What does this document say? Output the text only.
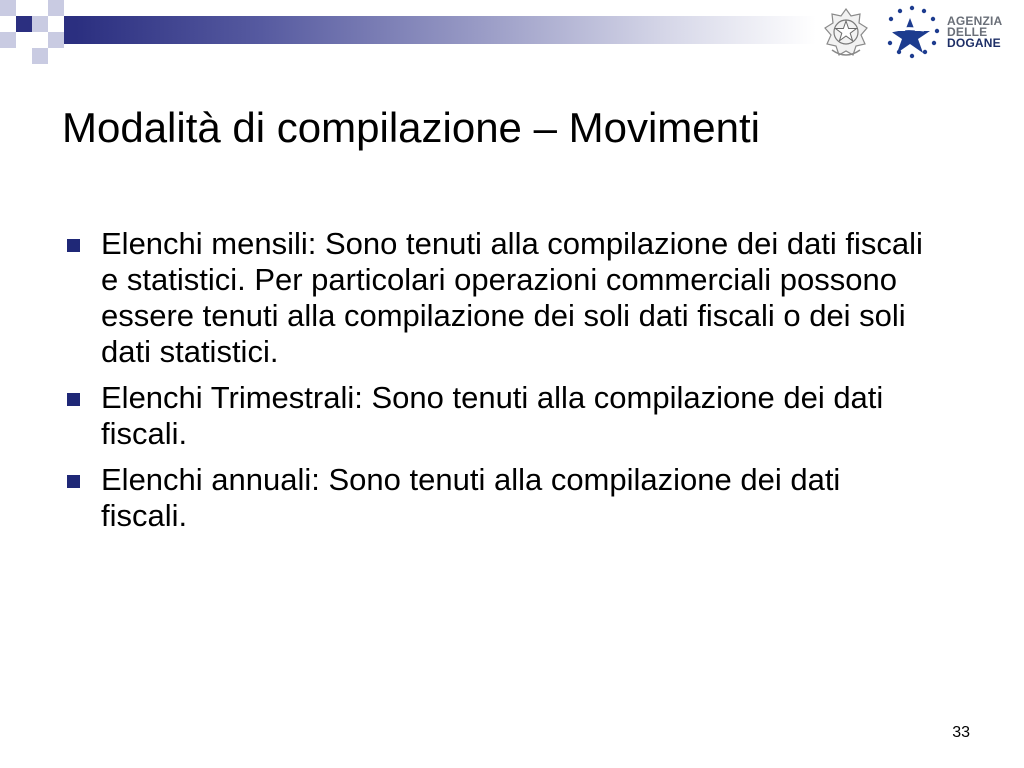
AGENZIA
DELLE
DOGANE
Modalità di compilazione – Movimenti
Elenchi mensili: Sono tenuti alla compilazione dei dati fiscali e statistici. Per particolari operazioni commerciali possono essere tenuti alla compilazione dei soli dati fiscali o dei soli dati statistici.
Elenchi Trimestrali: Sono tenuti alla compilazione dei dati fiscali.
Elenchi annuali: Sono tenuti alla compilazione dei dati fiscali.
33
